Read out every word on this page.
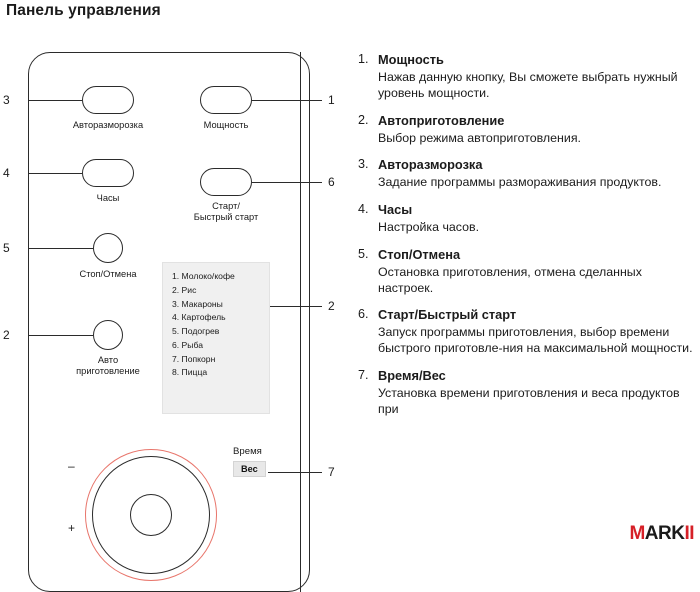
Панель управления
Авторазморозка
3
Мощность
1
Часы
4
Старт/
Быстрый старт
6
Стоп/Отмена
5
Авто
приготовление
2
1. Молоко/кофе
2. Рис
3. Макароны
4. Картофель
5. Подогрев
6. Рыба
7. Попкорн
8. Пицца
2
–
+
Время
Вес	7
1. Мощность
Нажав данную кнопку, Вы сможете выбрать нужный уровень мощности.
2. Автоприготовление
Выбор режима автоприготовления.
3. Авторазморозка
Задание программы размораживания продуктов.
4. Часы
Настройка часов.
5. Стоп/Отмена
Остановка приготовления, отмена сделанных настроек.
6. Старт/Быстрый старт
Запуск программы приготовления, выбор времени быстрого приготовле-ния на максимальной мощности.
7. Время/Вес
Установка времени приготовления и веса продуктов при
M ARK II
